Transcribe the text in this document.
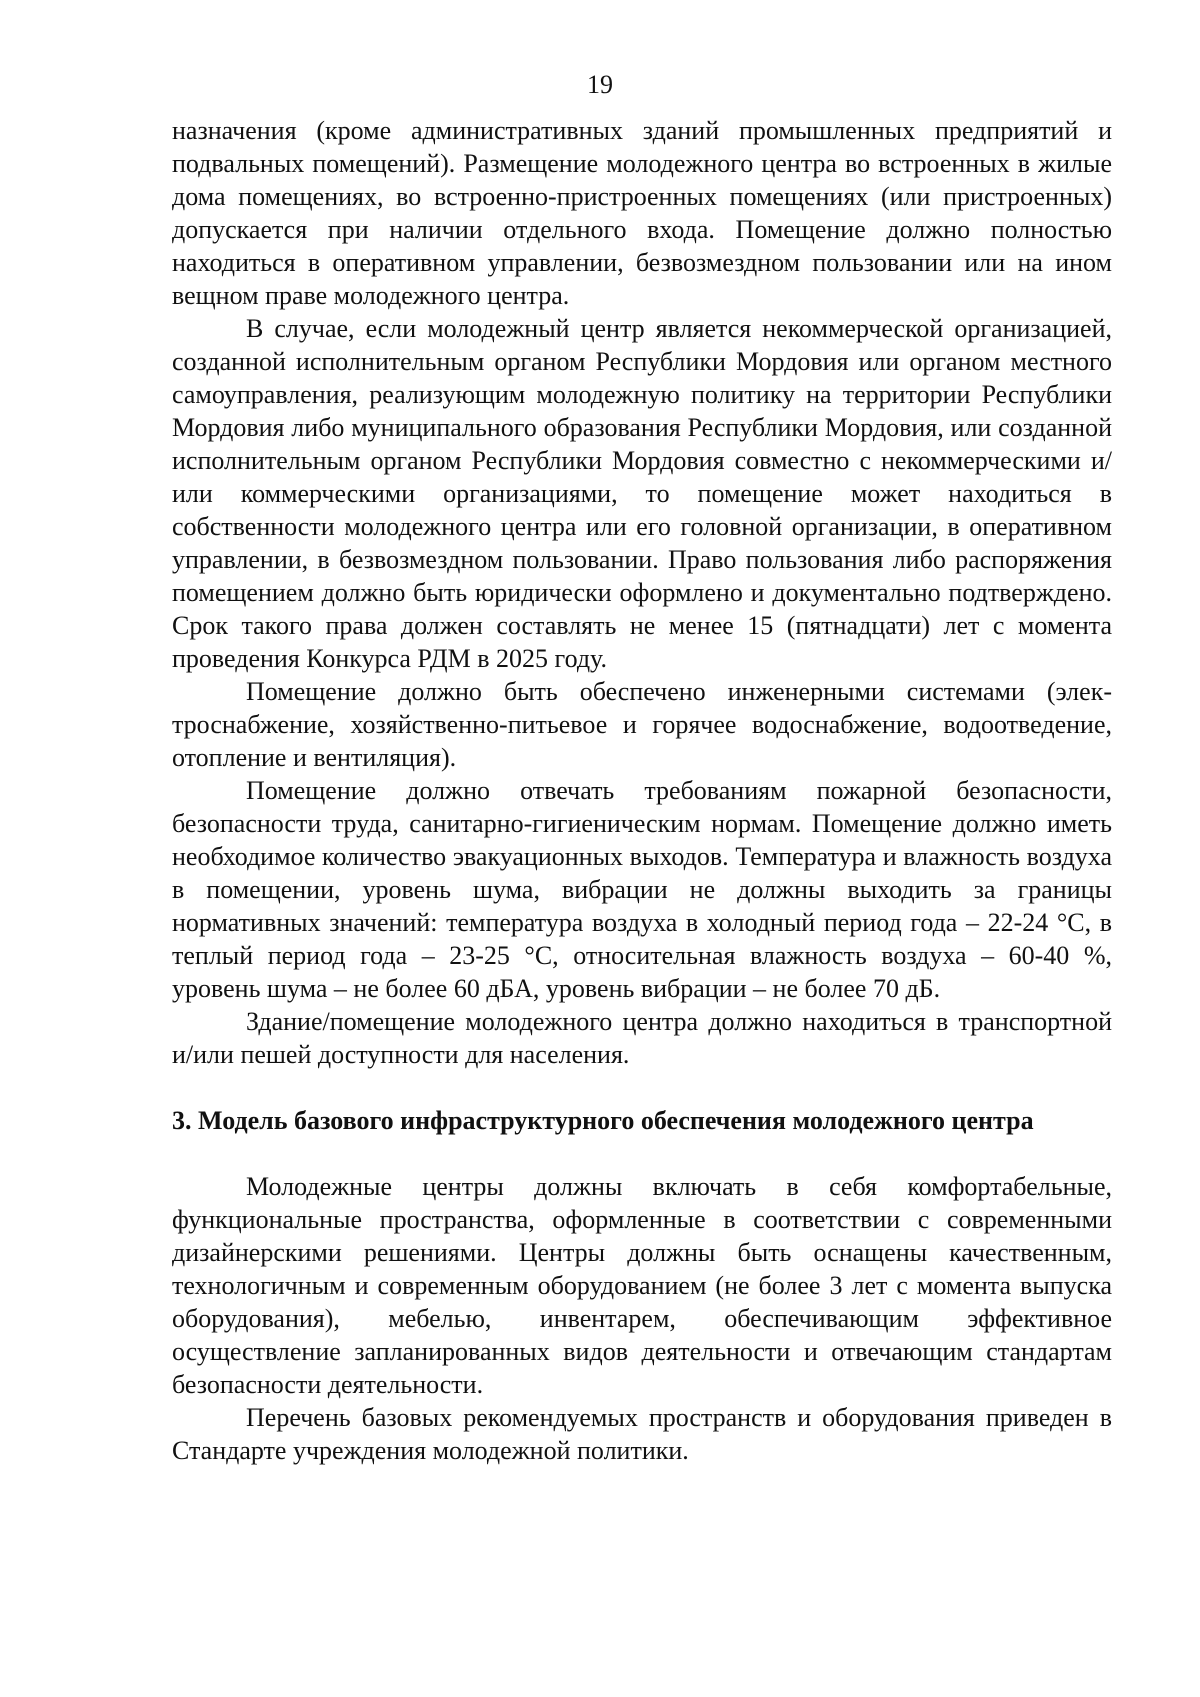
19

назначения (кроме административных зданий промышленных предприятий и подвальных помещений). Размещение молодежного центра во встроенных в жилые дома помещениях, во встроенно-пристроенных помещениях (или пристроенных) допускается при наличии отдельного входа. Помещение должно полностью находиться в оперативном управлении, безвозмездном пользовании или на ином вещном праве молодежного центра.

В случае, если молодежный центр является некоммерческой организацией, созданной исполнительным органом Республики Мордовия или органом местного самоуправления, реализующим молодежную политику на территории Республики Мордовия либо муниципального образования Республики Мордовия, или созданной исполнительным органом Республики Мордовия совместно с некоммерческими и/или коммерческими организациями, то помещение может находиться в собственности молодежного центра или его головной организации, в оперативном управлении, в безвозмездном пользовании. Право пользования либо распоряжения помещением должно быть юридически оформлено и документально подтверждено. Срок такого права должен составлять не менее 15 (пятнадцати) лет с момента проведения Конкурса РДМ в 2025 году.

Помещение должно быть обеспечено инженерными системами (электроснабжение, хозяйственно-питьевое и горячее водоснабжение, водоотведение, отопление и вентиляция).

Помещение должно отвечать требованиям пожарной безопасности, безопасности труда, санитарно-гигиеническим нормам. Помещение должно иметь необходимое количество эвакуационных выходов. Температура и влажность воздуха в помещении, уровень шума, вибрации не должны выходить за границы нормативных значений: температура воздуха в холодный период года – 22-24 °С, в теплый период года – 23-25 °С, относительная влажность воздуха – 60-40 %, уровень шума – не более 60 дБА, уровень вибрации – не более 70 дБ.

Здание/помещение молодежного центра должно находиться в транспортной и/или пешей доступности для населения.

3. Модель базового инфраструктурного обеспечения молодежного центра

Молодежные центры должны включать в себя комфортабельные, функциональные пространства, оформленные в соответствии с современными дизайнерскими решениями. Центры должны быть оснащены качественным, технологичным и современным оборудованием (не более 3 лет с момента выпуска оборудования), мебелью, инвентарем, обеспечивающим эффективное осуществление запланированных видов деятельности и отвечающим стандартам безопасности деятельности.

Перечень базовых рекомендуемых пространств и оборудования приведен в Стандарте учреждения молодежной политики.
